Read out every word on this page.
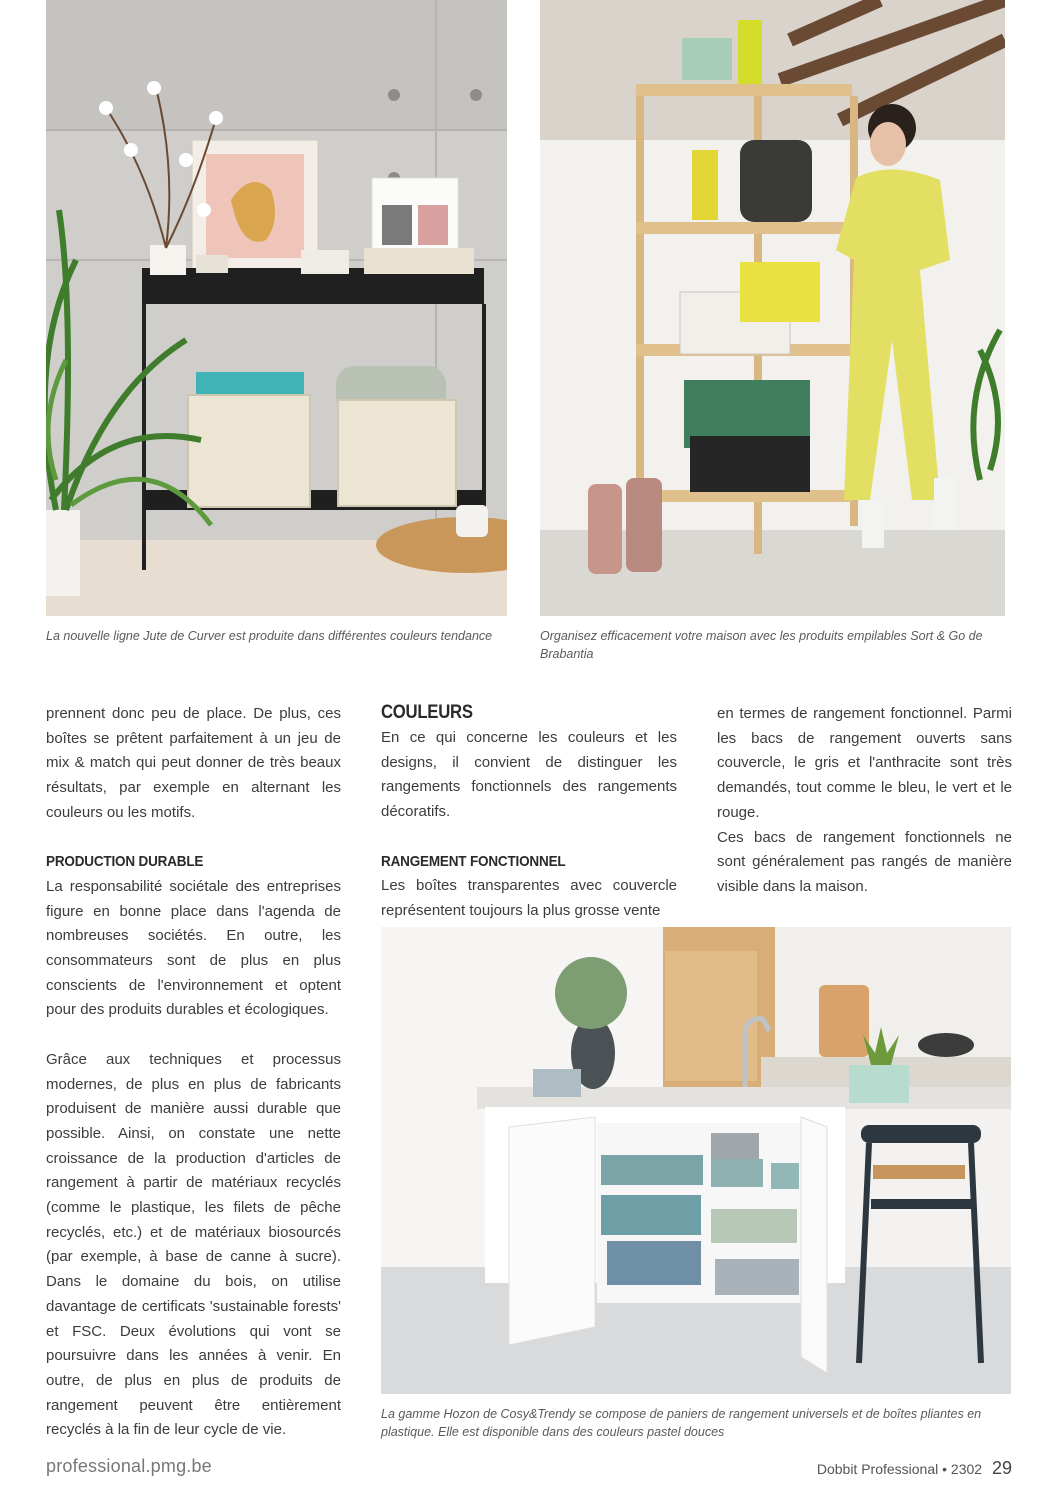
La nouvelle ligne Jute de Curver est produite dans différentes couleurs tendance	Organisez efficacement votre maison avec les produits empilables Sort & Go de Brabantia

prennent donc peu de place. De plus, ces boîtes se prêtent parfaitement à un jeu de mix & match qui peut donner de très beaux résultats, par exemple en alternant les couleurs ou les motifs.

PRODUCTION DURABLE

La responsabilité sociétale des entreprises figure en bonne place dans l'agenda de nombreuses sociétés. En outre, les consommateurs sont de plus en plus conscients de l'environnement et optent pour des produits durables et écologiques.

Grâce aux techniques et processus modernes, de plus en plus de fabricants produisent de manière aussi durable que possible. Ainsi, on constate une nette croissance de la production d'articles de rangement à partir de matériaux recyclés (comme le plastique, les filets de pêche recyclés, etc.) et de matériaux biosourcés (par exemple, à base de canne à sucre). Dans le domaine du bois, on utilise davantage de certificats 'sustainable forests' et FSC. Deux évolutions qui vont se poursuivre dans les années à venir. En outre, de plus en plus de produits de rangement peuvent être entièrement recyclés à la fin de leur cycle de vie.

COULEURS

En ce qui concerne les couleurs et les designs, il convient de distinguer les rangements fonctionnels des rangements décoratifs.

RANGEMENT FONCTIONNEL

Les boîtes transparentes avec couvercle représentent toujours la plus grosse vente

en termes de rangement fonctionnel. Parmi les bacs de rangement ouverts sans couvercle, le gris et l'anthracite sont très demandés, tout comme le bleu, le vert et le rouge.

Ces bacs de rangement fonctionnels ne sont généralement pas rangés de manière visible dans la maison.

La gamme Hozon de Cosy&Trendy se compose de paniers de rangement universels et de boîtes pliantes en plastique. Elle est disponible dans des couleurs pastel douces

professional.pmg.be	Dobbit Professional • 2302 29
